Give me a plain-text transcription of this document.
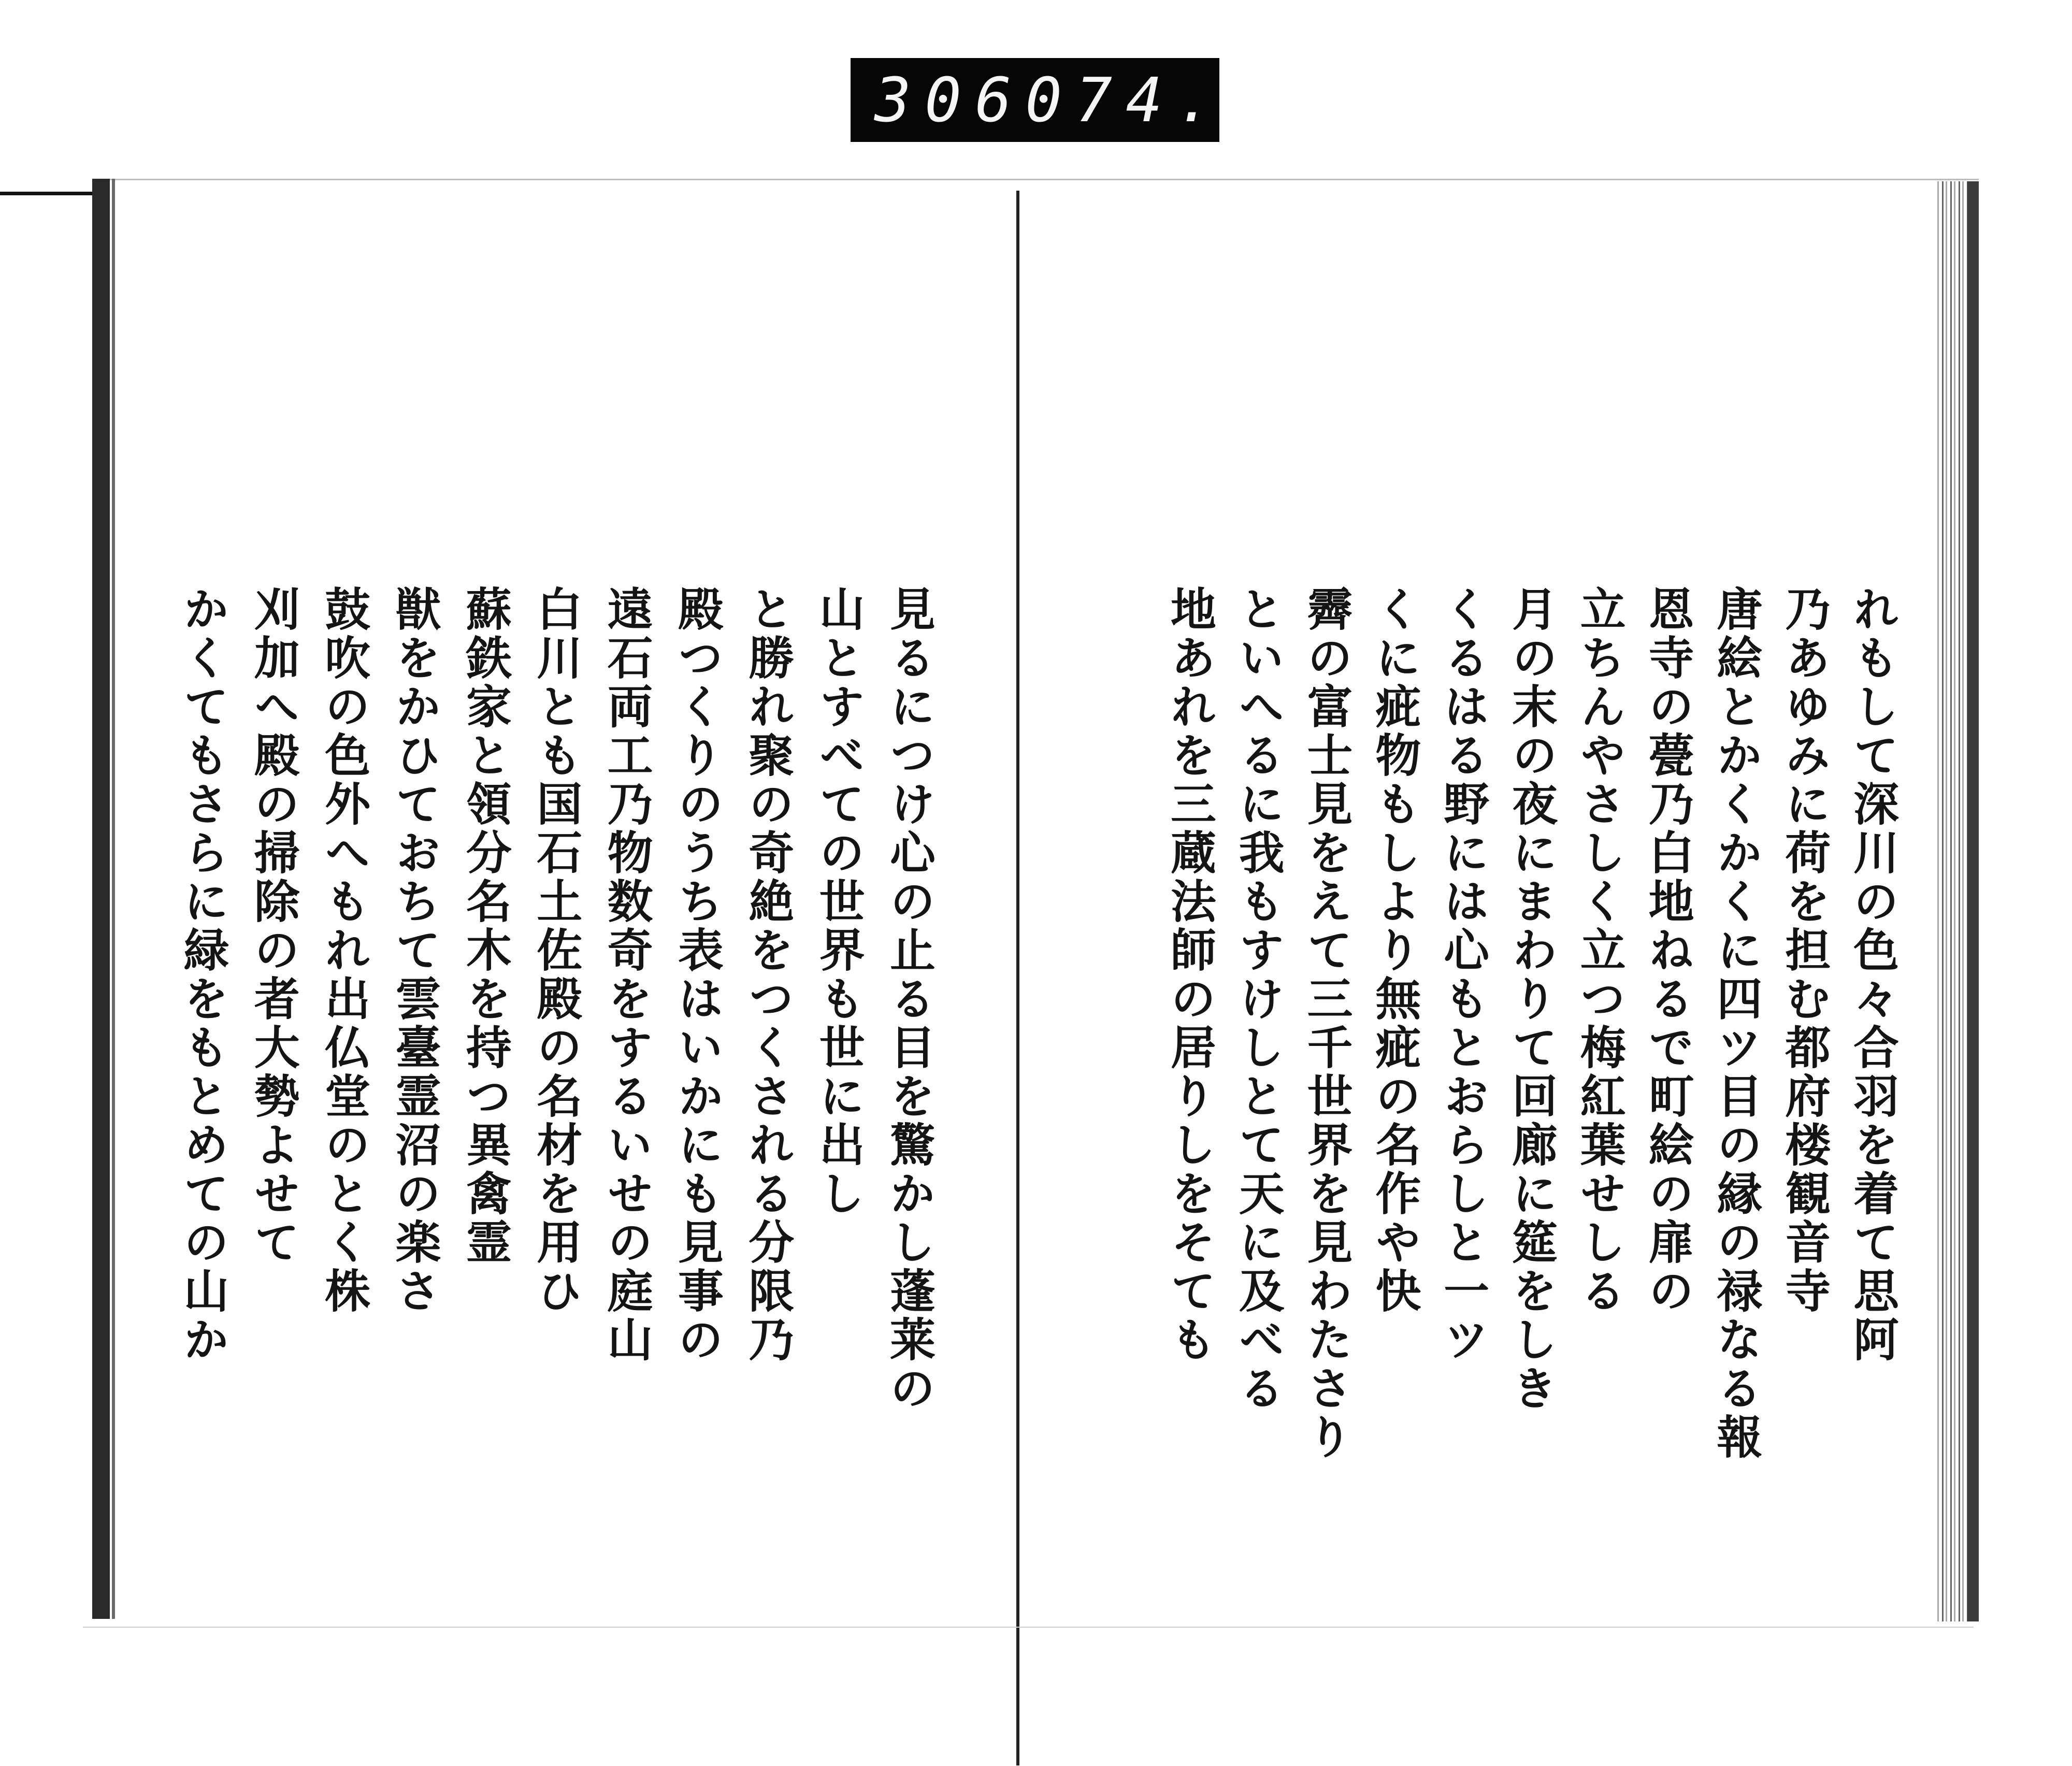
306 074.

見るにつけ心の止る目を驚かし蓬莱の

山とすべての世界も世に出し

と勝れ聚の奇絶をつくされる分限乃

殿つくりのうち表はいかにも見事の

遠石両工乃物数奇をするいせの庭山

白川とも国石土佐殿の名材を用ひ

蘇鉄家と領分名木を持つ異禽霊

獣をかひておちて雲臺霊沼の楽さ

鼓吹の色外へもれ出仏堂のとく株

刈加へ殿の掃除の者大勢よせて

かくてもさらに緑をもとめての山か	れもして深川の色々合羽を着て思阿

乃あゆみに荷を担む都府楼観音寺

唐絵とかくかくに四ツ目の縁の禄なる報

恩寺の甍乃白地ねるで町絵の扉の

立ちんやさしく立つ梅紅葉せしる

月の末の夜にまわりて回廊に筵をしき

くるはる野には心もとおらしと一ツ

くに疵物もしより無疵の名作や快

霽の富士見をえて三千世界を見わたさり

といへるに我もすけしとて天に及べる

地あれを三蔵法師の居りしをそても
